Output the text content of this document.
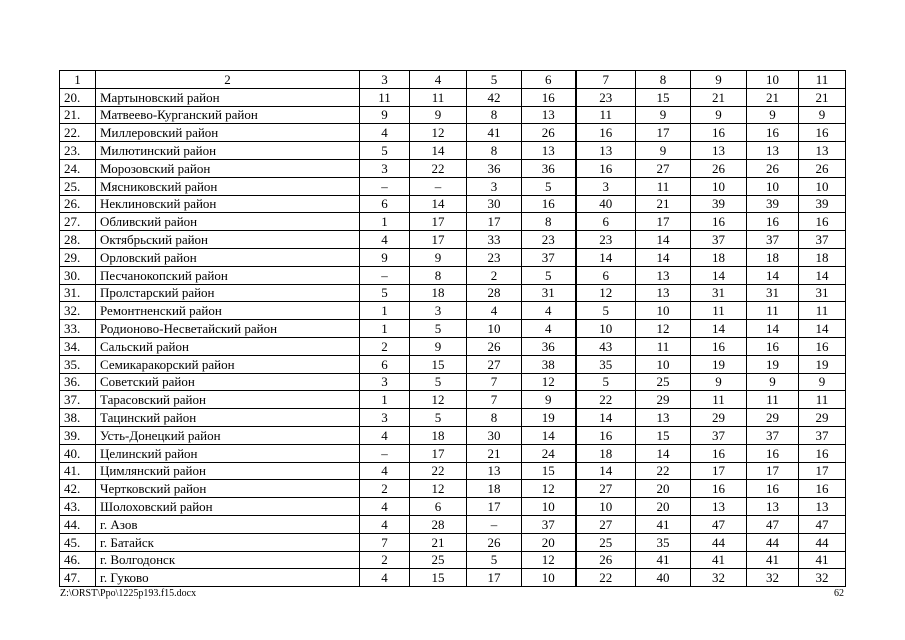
1	2	3	4	5	6	7	8	9	10	11
20.	Мартыновский район	11	11	42	16	23	15	21	21	21
21.	Матвеево-Курганский район	9	9	8	13	11	9	9	9	9
22.	Миллеровский район	4	12	41	26	16	17	16	16	16
23.	Милютинский район	5	14	8	13	13	9	13	13	13
24.	Морозовский район	3	22	36	36	16	27	26	26	26
25.	Мясниковский район	–	–	3	5	3	11	10	10	10
26.	Неклиновский район	6	14	30	16	40	21	39	39	39
27.	Обливский район	1	17	17	8	6	17	16	16	16
28.	Октябрьский район	4	17	33	23	23	14	37	37	37
29.	Орловский район	9	9	23	37	14	14	18	18	18
30.	Песчанокопский район	–	8	2	5	6	13	14	14	14
31.	Пролстарский район	5	18	28	31	12	13	31	31	31
32.	Ремонтненский район	1	3	4	4	5	10	11	11	11
33.	Родионово-Несветайский район	1	5	10	4	10	12	14	14	14
34.	Сальский район	2	9	26	36	43	11	16	16	16
35.	Семикаракорский район	6	15	27	38	35	10	19	19	19
36.	Советский район	3	5	7	12	5	25	9	9	9
37.	Тарасовский район	1	12	7	9	22	29	11	11	11
38.	Тацинский район	3	5	8	19	14	13	29	29	29
39.	Усть-Донецкий район	4	18	30	14	16	15	37	37	37
40.	Целинский район	–	17	21	24	18	14	16	16	16
41.	Цимлянский район	4	22	13	15	14	22	17	17	17
42.	Чертковский район	2	12	18	12	27	20	16	16	16
43.	Шолоховский район	4	6	17	10	10	20	13	13	13
44.	г. Азов	4	28	–	37	27	41	47	47	47
45.	г. Батайск	7	21	26	20	25	35	44	44	44
46.	г. Волгодонск	2	25	5	12	26	41	41	41	41
47.	г. Гуково	4	15	17	10	22	40	32	32	32
Z:\ORST\Ppo\1225p193.f15.docx	62
